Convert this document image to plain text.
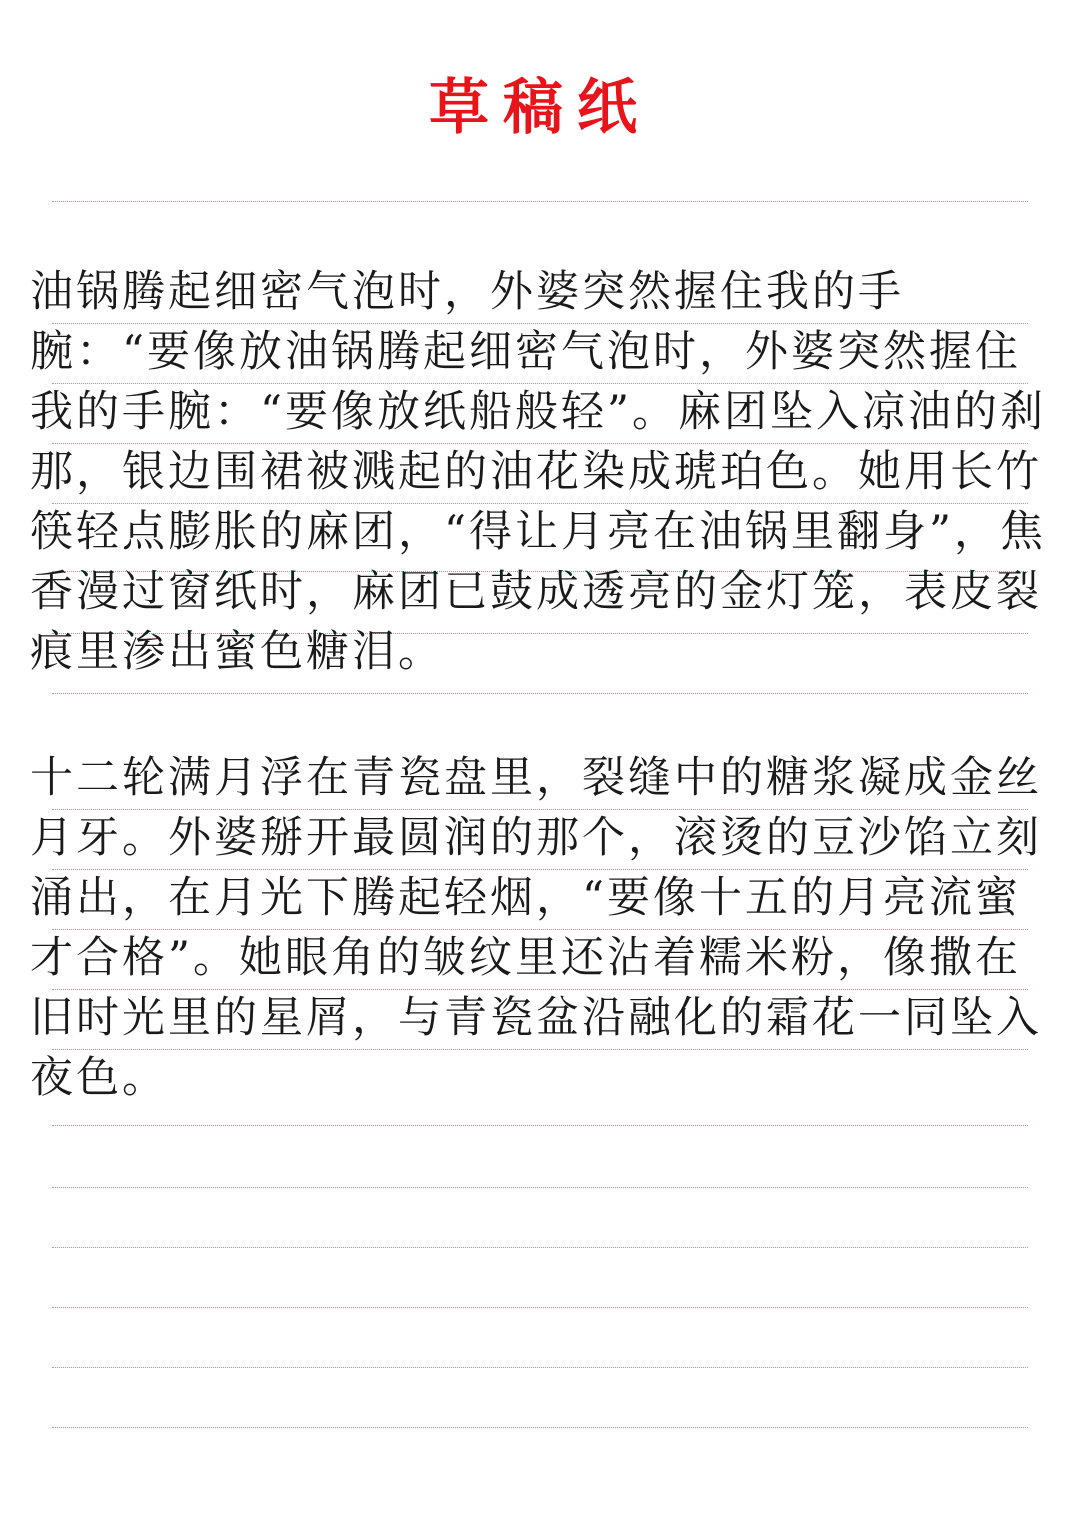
草稿纸

油锅腾起细密气泡时，外婆突然握住我的手腕：“要像放油锅腾起细密气泡时，外婆突然握住我的手腕：“要像放纸船般轻”。麻团坠入凉油的刹那，银边围裙被溅起的油花染成琥珀色。她用长竹筷轻点膨胀的麻团，“得让月亮在油锅里翻身”，焦香漫过窗纸时，麻团已鼓成透亮的金灯笼，表皮裂痕里渗出蜜色糖泪。

十二轮满月浮在青瓷盘里，裂缝中的糖浆凝成金丝月牙。外婆掰开最圆润的那个，滚烫的豆沙馅立刻涌出，在月光下腾起轻烟，“要像十五的月亮流蜜才合格”。她眼角的皱纹里还沾着糯米粉，像撒在旧时光里的星屑，与青瓷盆沿融化的霜花一同坠入夜色。
